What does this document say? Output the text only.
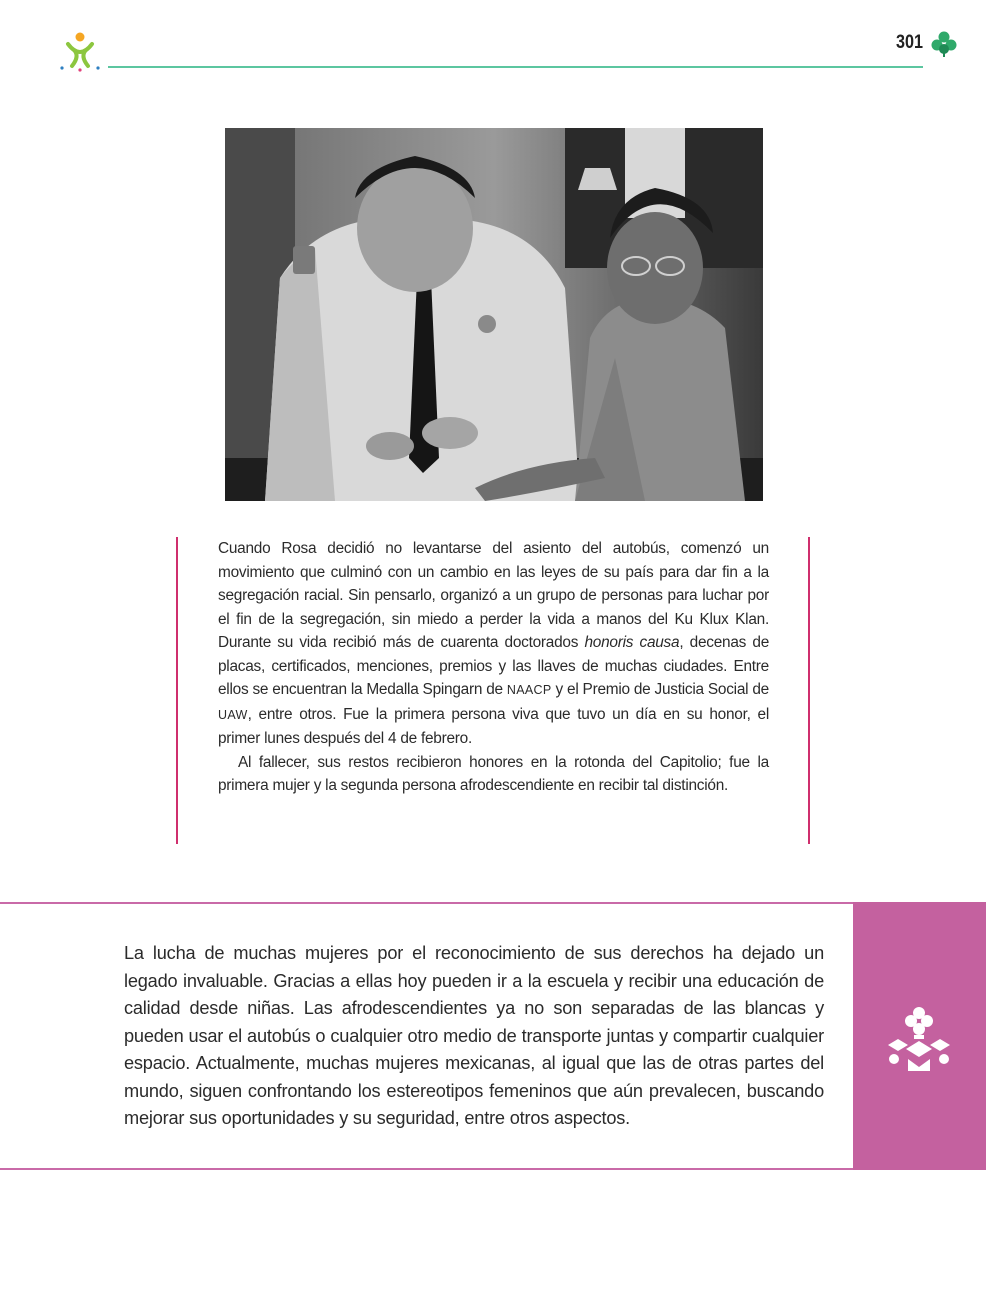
301

Cuando Rosa decidió no levantarse del asiento del autobús, comenzó un movimiento que culminó con un cambio en las leyes de su país para dar fin a la segregación racial. Sin pensarlo, organizó a un grupo de personas para luchar por el fin de la segregación, sin miedo a perder la vida a manos del Ku Klux Klan. Durante su vida recibió más de cuarenta doctorados honoris causa, decenas de placas, certificados, menciones, premios y las llaves de muchas ciudades. Entre ellos se encuentran la Medalla Spingarn de NAACP y el Premio de Justicia Social de UAW, entre otros. Fue la primera persona viva que tuvo un día en su honor, el primer lunes después del 4 de febrero.

Al fallecer, sus restos recibieron honores en la rotonda del Capitolio; fue la primera mujer y la segunda persona afrodescendiente en recibir tal distinción.

La lucha de muchas mujeres por el reconocimiento de sus derechos ha dejado un legado invaluable. Gracias a ellas hoy pueden ir a la escuela y recibir una educación de calidad desde niñas. Las afrodescendientes ya no son separadas de las blancas y pueden usar el autobús o cualquier otro medio de transporte juntas y compartir cualquier espacio. Actualmente, muchas mujeres mexicanas, al igual que las de otras partes del mundo, siguen confrontando los estereotipos femeninos que aún prevalecen, buscando mejorar sus oportunidades y su seguridad, entre otros aspectos.
